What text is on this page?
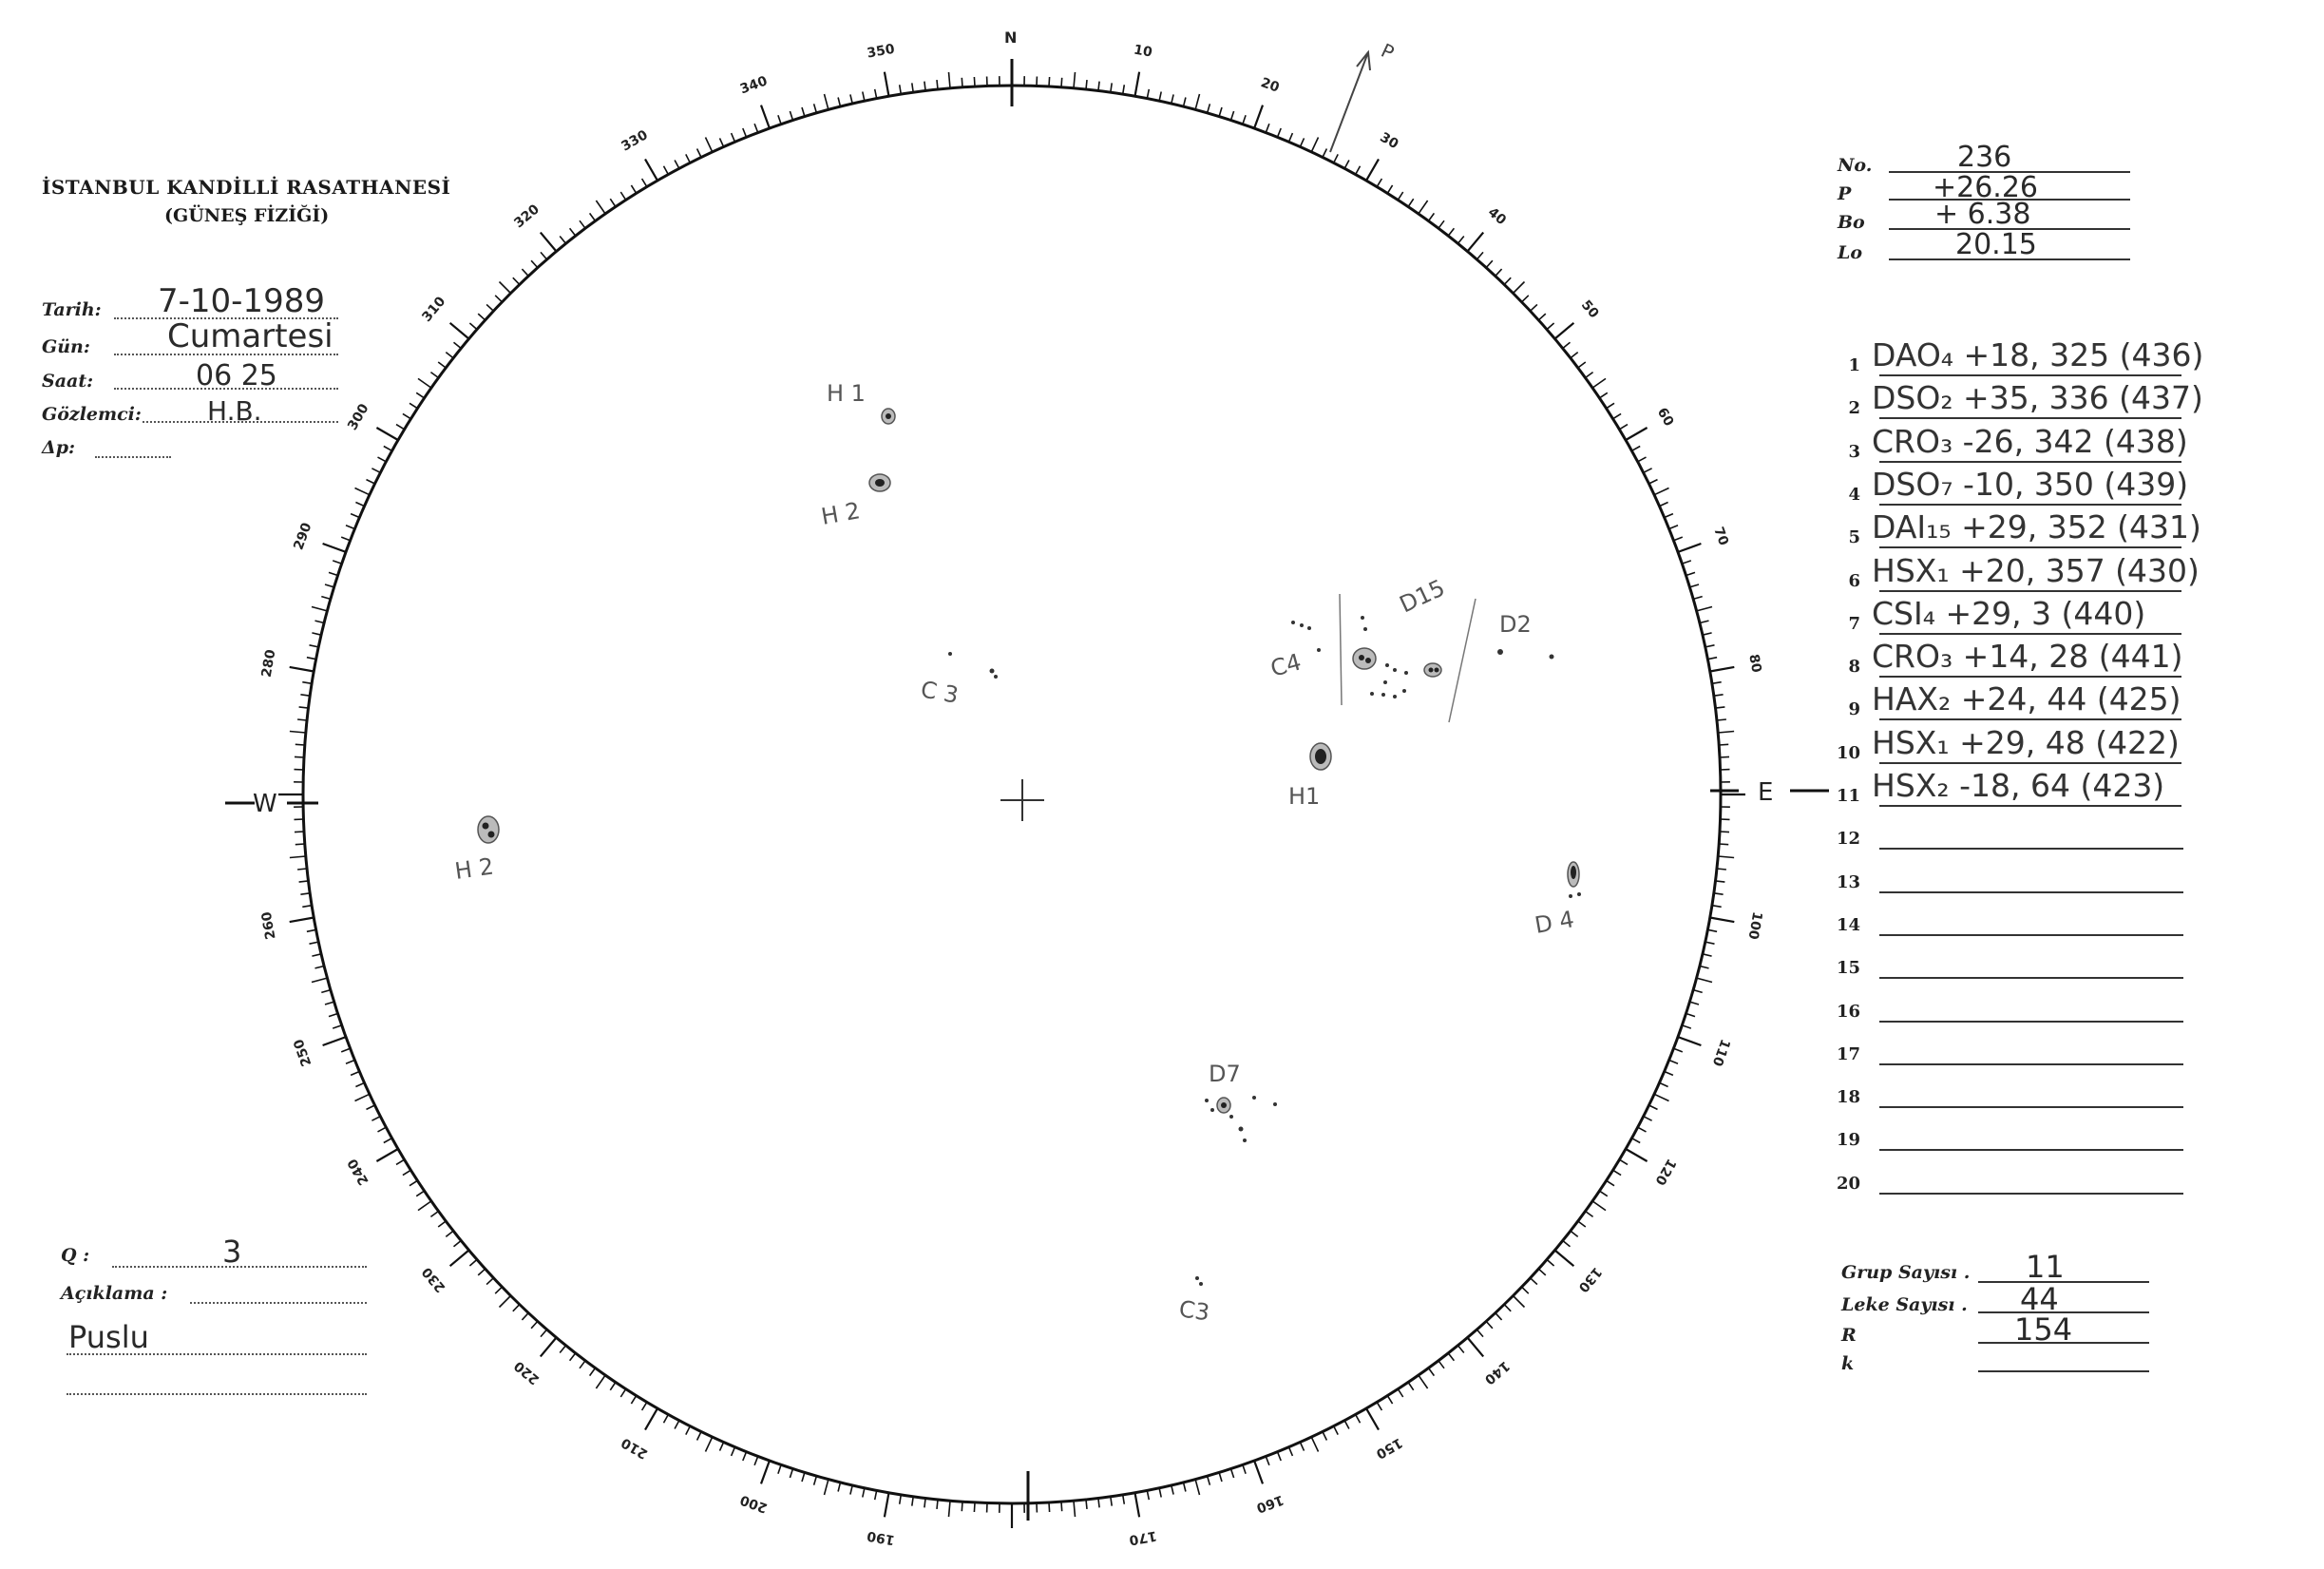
10
20
30
40
50
60
70
80
100
110
120
130
140
150
160
170
190
200
210
220
230
240
250
260
280
290
300
310
320
330
340
350
N
W	E
P
H 1
H 2
C 3
C4
D15
D2
H1
H 2
D 4
D7
C3
İSTANBUL KANDİLLİ RASATHANESİ
(GÜNEŞ FİZİĞİ)
Tarih: 7-10-1989
Gün: Cumartesi
Saat:	06 25
Gözlemci: H.B.
Δp:
No.	236
P	+26.26
Bo + 6.38
Lo	20.15
1 DAO₄ +18, 325 (436)
2 DSO₂ +35, 336 (437)
3 CRO₃ -26, 342 (438)
4 DSO₇ -10, 350 (439)
5 DAI₁₅ +29, 352 (431)
6 HSX₁ +20, 357 (430)
7 CSI₄ +29, 3 (440)
8 CRO₃ +14, 28 (441)
9 HAX₂ +24, 44 (425)
10 HSX₁ +29, 48 (422)
11 HSX₂ -18, 64 (423)
12
13
14
15
16
17
18
19
20
Q :	3
Açıklama :
Puslu
Grup Sayısı . 11
Leke Sayısı . 44
R	154
k
